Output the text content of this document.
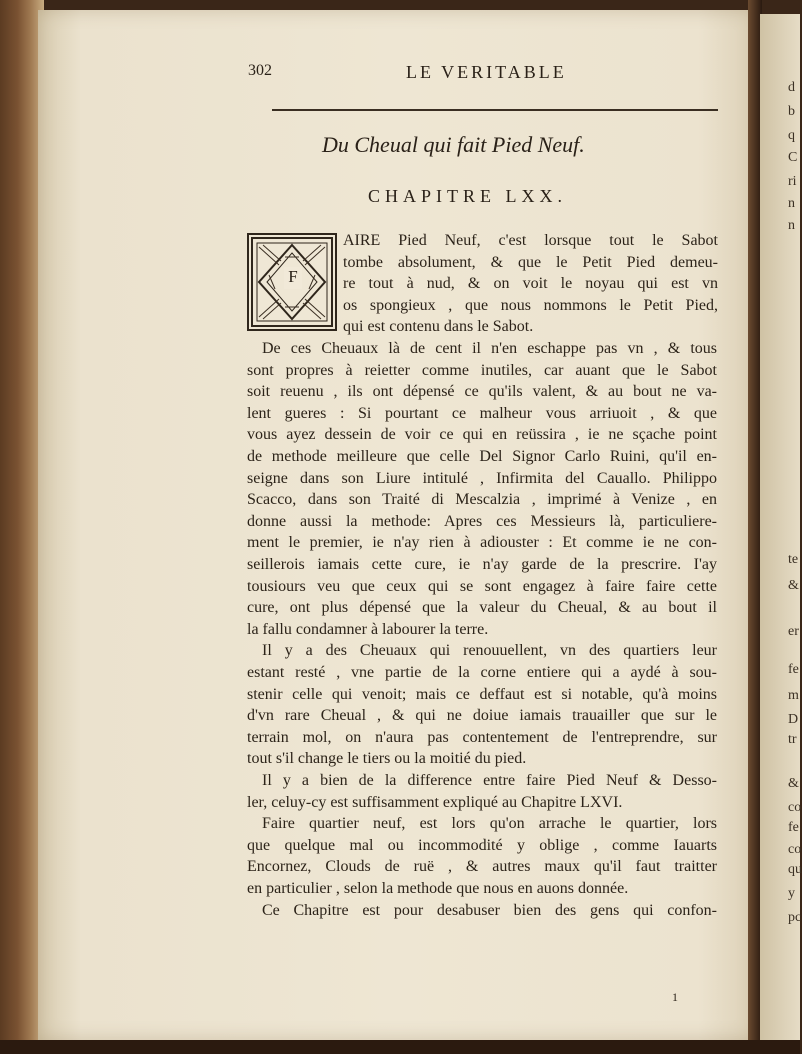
302	LE VERITABLE
Du Cheual qui fait Pied Neuf.
CHAPITRE LXX.
F
AIRE Pied Neuf, c'est lorsque tout le Sabot
tombe absolument, & que le Petit Pied demeu-
re tout à nud, & on voit le noyau qui est vn
os spongieux , que nous nommons le Petit Pied,
qui est contenu dans le Sabot.
De ces Cheuaux là de cent il n'en eschappe pas vn , & tous
sont propres à reietter comme inutiles, car auant que le Sabot
soit reuenu , ils ont dépensé ce qu'ils valent, & au bout ne va-
lent gueres : Si pourtant ce malheur vous arriuoit , & que
vous ayez dessein de voir ce qui en reüssira , ie ne sçache point
de methode meilleure que celle Del Signor Carlo Ruini, qu'il en-
seigne dans son Liure intitulé , Infirmita del Cauallo. Philippo
Scacco, dans son Traité di Mescalzia , imprimé à Venize , en
donne aussi la methode: Apres ces Messieurs là, particuliere-
ment le premier, ie n'ay rien à adiouster : Et comme ie ne con-
seillerois iamais cette cure, ie n'ay garde de la prescrire. I'ay
tousiours veu que ceux qui se sont engagez à faire faire cette
cure, ont plus dépensé que la valeur du Cheual, & au bout il
la fallu condamner à labourer la terre.
Il y a des Cheuaux qui renouuellent, vn des quartiers leur
estant resté , vne partie de la corne entiere qui a aydé à sou-
stenir celle qui venoit; mais ce deffaut est si notable, qu'à moins
d'vn rare Cheual , & qui ne doiue iamais trauailler que sur le
terrain mol, on n'aura pas contentement de l'entreprendre, sur
tout s'il change le tiers ou la moitié du pied.
Il y a bien de la difference entre faire Pied Neuf & Desso-
ler, celuy-cy est suffisamment expliqué au Chapitre LXVI.
Faire quartier neuf, est lors qu'on arrache le quartier, lors
que quelque mal ou incommodité y oblige , comme Iauarts
Encornez, Clouds de ruë , & autres maux qu'il faut traitter
en particulier , selon la methode que nous en auons donnée.
Ce Chapitre est pour desabuser bien des gens qui confon-
1
d
b
q
C
ri
n
n
te
&
er
fe
m
D
tr
&
co
fe
co
qu
y
pc
